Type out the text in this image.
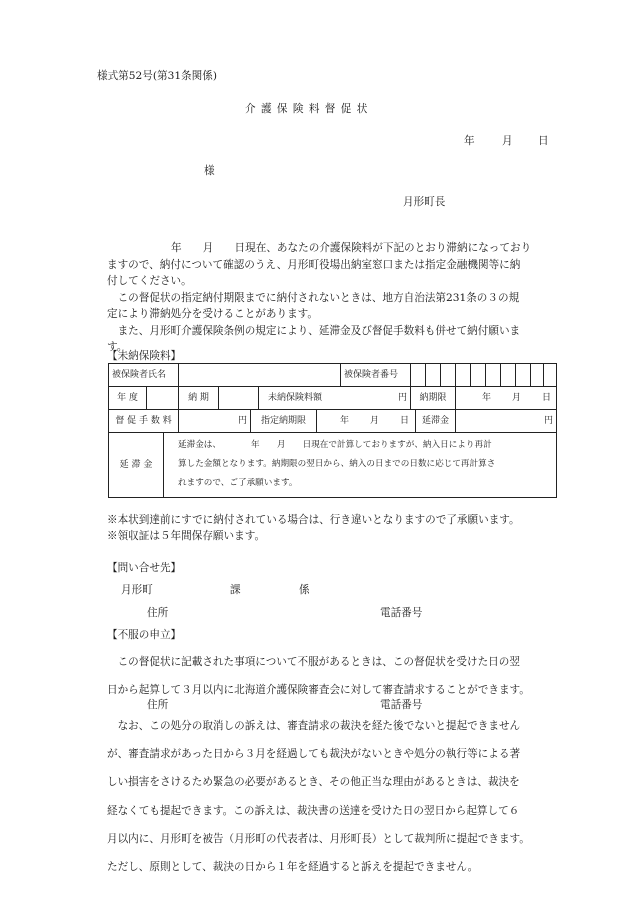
様式第52号(第31条関係)
介 護 保 険 料 督 促 状
年	月 日
様
月形町長
年　　月　　日現在、あなたの介護保険料が下記のとおり滞納になっており
ますので、納付について確認のうえ、月形町役場出納室窓口または指定金融機関等に納
付してください。
　この督促状の指定納付期限までに納付されないときは、地方自治法第231条の３の規
定により滞納処分を受けることがあります。
　また、月形町介護保険条例の規定により、延滞金及び督促手数料も併せて納付願いま
す。
【未納保険料】
被保険者氏名	被保険者番号
年 度	納 期	未納保険料額	円	納期限	年 月 日
督 促 手 数 料	円	指定納期限	年 月 日	延滞金	円
延 滞 金
延滞金は、　　　　年　　月　　日現在で計算しておりますが、納入日により再計
算した金額となります。納期限の翌日から、納入の日までの日数に応じて再計算さ
れますので、ご了承願います。
※本状到達前にすでに納付されている場合は、行き違いとなりますので了承願います。
※領収証は５年間保存願います。
【問い合せ先】
月形町	課	係
住所	電話番号
【不服の申立】
　この督促状に記載された事項について不服があるときは、この督促状を受けた日の翌
日から起算して３月以内に北海道介護保険審査会に対して審査請求することができます。
住所	電話番号
　なお、この処分の取消しの訴えは、審査請求の裁決を経た後でないと提起できません
が、審査請求があった日から３月を経過しても裁決がないときや処分の執行等による著
しい損害をさけるため緊急の必要があるとき、その他正当な理由があるときは、裁決を
経なくても提起できます。この訴えは、裁決書の送達を受けた日の翌日から起算して６
月以内に、月形町を被告（月形町の代表者は、月形町長）として裁判所に提起できます。
ただし、原則として、裁決の日から１年を経過すると訴えを提起できません。
